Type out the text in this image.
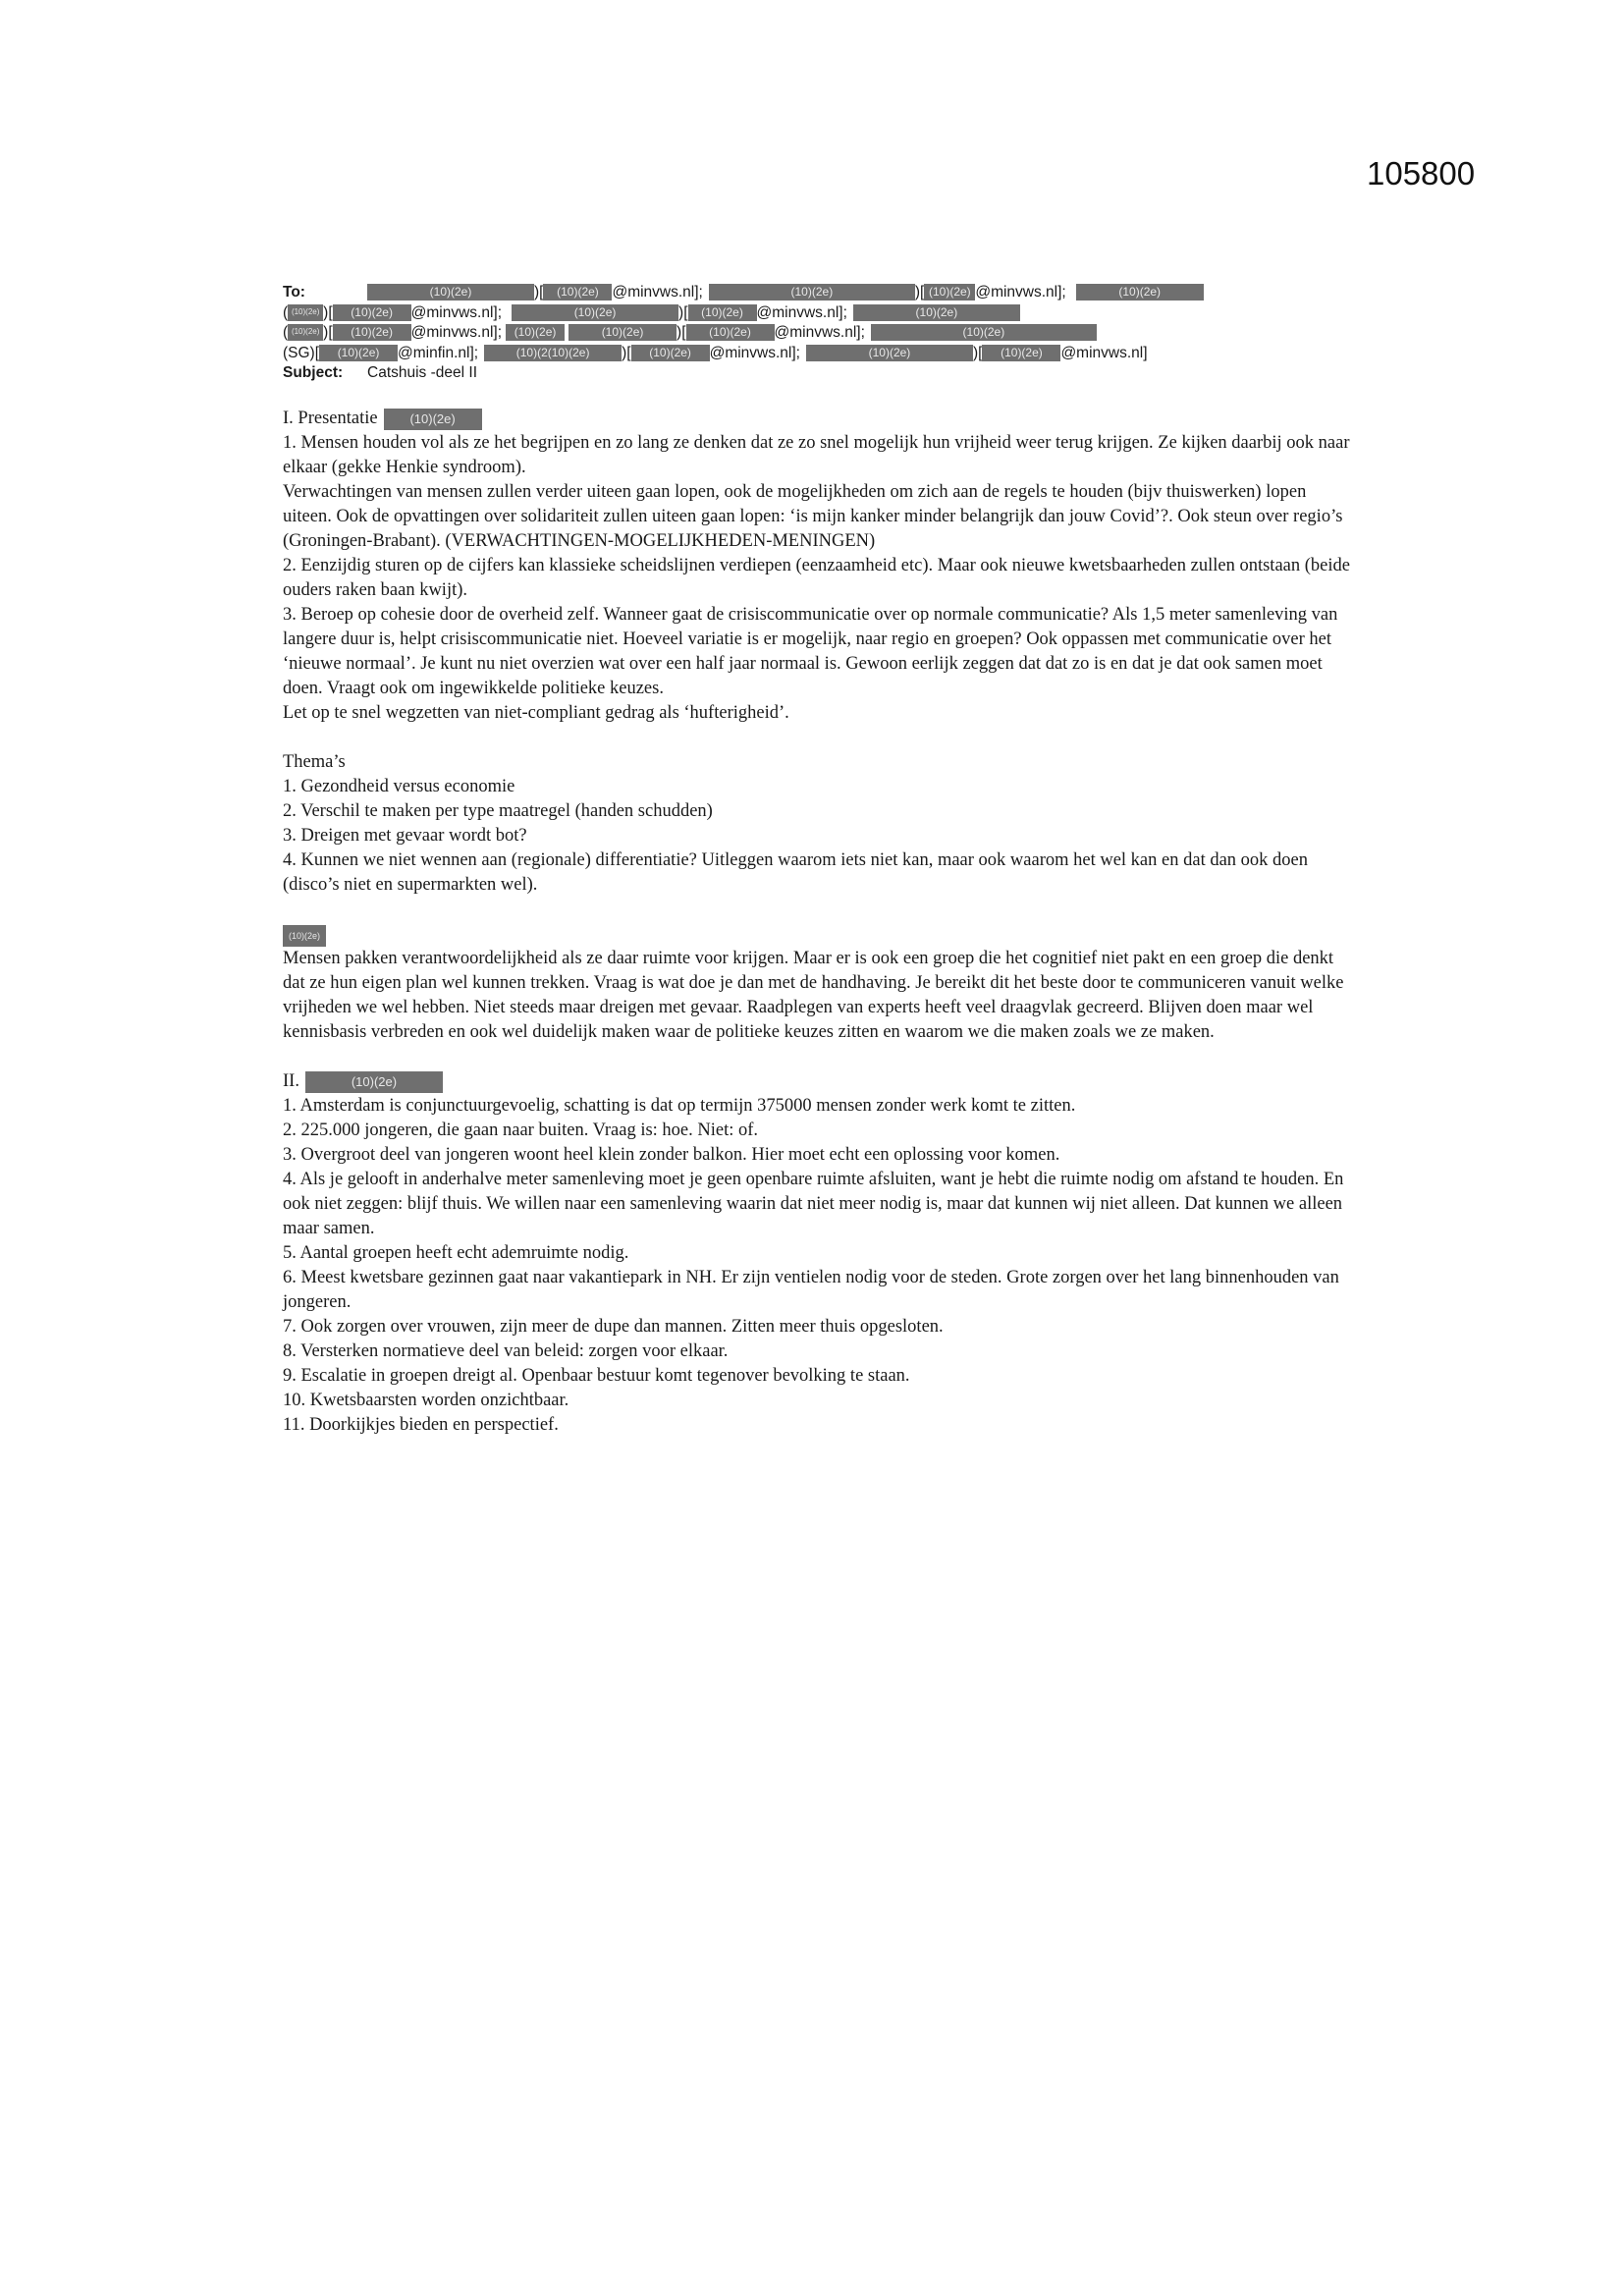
105800
To:	(10)(2e)	)[ (10)(2e) @minvws.nl];	(10)(2e)	)[ (10)(2e) @minvws.nl];	(10)(2e)
( (10)(2e) )[ (10)(2e) @minvws.nl];	(10)(2e)	)[ (10)(2e) @minvws.nl];	(10)(2e)
( (10)(2e) )[ (10)(2e) @minvws.nl]; (10)(2e)	(10)(2e) )[ (10)(2e) @minvws.nl];	(10)(2e)
(SG)[ (10)(2e) @minfin.nl];	(10)(2(10)(2e) )[ (10)(2e) @minvws.nl];	(10)(2e)	)[ (10)(2e) @minvws.nl]
Subject: Catshuis -deel II
I. Presentatie	(10)(2e)

1. Mensen houden vol als ze het begrijpen en zo lang ze denken dat ze zo snel mogelijk hun vrijheid weer terug krijgen. Ze kijken daarbij ook naar elkaar (gekke Henkie syndroom).

Verwachtingen van mensen zullen verder uiteen gaan lopen, ook de mogelijkheden om zich aan de regels te houden (bijv thuiswerken) lopen uiteen. Ook de opvattingen over solidariteit zullen uiteen gaan lopen: ‘is mijn kanker minder belangrijk dan jouw Covid’?. Ook steun over regio’s (Groningen-Brabant). (VERWACHTINGEN-MOGELIJKHEDEN-MENINGEN)

2. Eenzijdig sturen op de cijfers kan klassieke scheidslijnen verdiepen (eenzaamheid etc). Maar ook nieuwe kwetsbaarheden zullen ontstaan (beide ouders raken baan kwijt).

3. Beroep op cohesie door de overheid zelf. Wanneer gaat de crisiscommunicatie over op normale communicatie? Als 1,5 meter samenleving van langere duur is, helpt crisiscommunicatie niet. Hoeveel variatie is er mogelijk, naar regio en groepen? Ook oppassen met communicatie over het ‘nieuwe normaal’. Je kunt nu niet overzien wat over een half jaar normaal is. Gewoon eerlijk zeggen dat dat zo is en dat je dat ook samen moet doen. Vraagt ook om ingewikkelde politieke keuzes.

Let op te snel wegzetten van niet-compliant gedrag als ‘hufterigheid’.

Thema’s

1. Gezondheid versus economie

2. Verschil te maken per type maatregel (handen schudden)

3. Dreigen met gevaar wordt bot?

4. Kunnen we niet wennen aan (regionale) differentiatie? Uitleggen waarom iets niet kan, maar ook waarom het wel kan en dat dan ook doen (disco’s niet en supermarkten wel).

(10)(2e)

Mensen pakken verantwoordelijkheid als ze daar ruimte voor krijgen. Maar er is ook een groep die het cognitief niet pakt en een groep die denkt dat ze hun eigen plan wel kunnen trekken. Vraag is wat doe je dan met de handhaving. Je bereikt dit het beste door te communiceren vanuit welke vrijheden we wel hebben. Niet steeds maar dreigen met gevaar. Raadplegen van experts heeft veel draagvlak gecreerd. Blijven doen maar wel kennisbasis verbreden en ook wel duidelijk maken waar de politieke keuzes zitten en waarom we die maken zoals we ze maken.

II.	(10)(2e)

1. Amsterdam is conjunctuurgevoelig, schatting is dat op termijn 375000 mensen zonder werk komt te zitten.

2. 225.000 jongeren, die gaan naar buiten. Vraag is: hoe. Niet: of.

3. Overgroot deel van jongeren woont heel klein zonder balkon. Hier moet echt een oplossing voor komen.

4. Als je gelooft in anderhalve meter samenleving moet je geen openbare ruimte afsluiten, want je hebt die ruimte nodig om afstand te houden. En ook niet zeggen: blijf thuis. We willen naar een samenleving waarin dat niet meer nodig is, maar dat kunnen wij niet alleen. Dat kunnen we alleen maar samen.

5. Aantal groepen heeft echt ademruimte nodig.

6. Meest kwetsbare gezinnen gaat naar vakantiepark in NH. Er zijn ventielen nodig voor de steden. Grote zorgen over het lang binnenhouden van jongeren.

7. Ook zorgen over vrouwen, zijn meer de dupe dan mannen. Zitten meer thuis opgesloten.

8. Versterken normatieve deel van beleid: zorgen voor elkaar.

9. Escalatie in groepen dreigt al. Openbaar bestuur komt tegenover bevolking te staan.

10. Kwetsbaarsten worden onzichtbaar.

11. Doorkijkjes bieden en perspectief.
